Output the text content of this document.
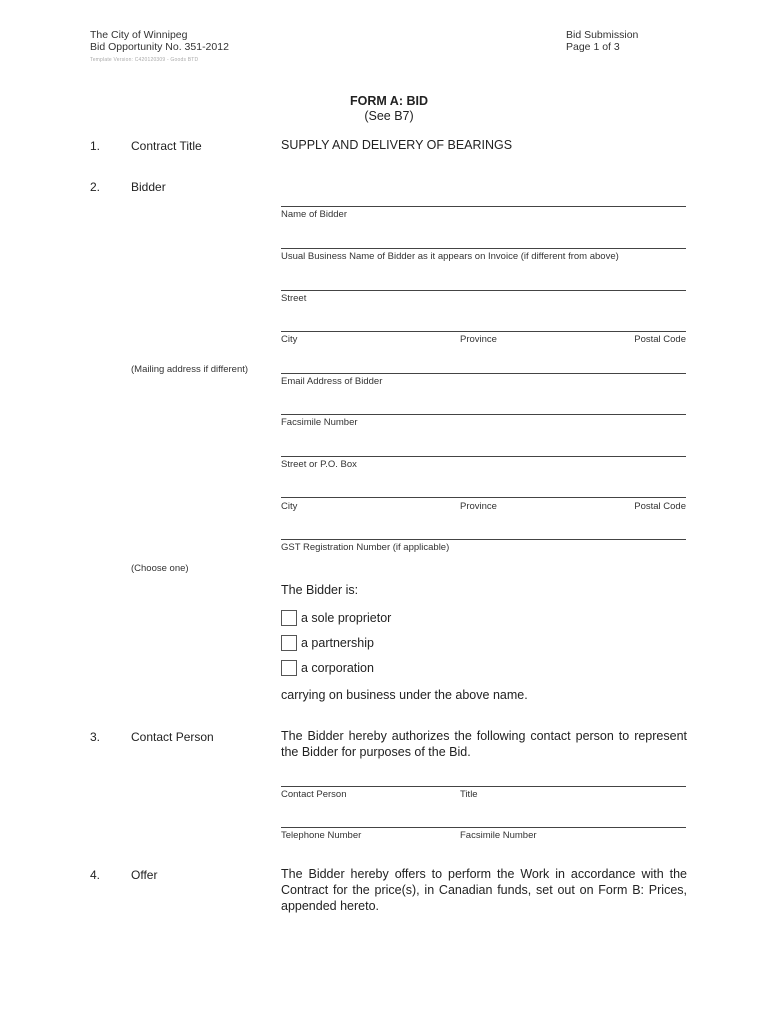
The City of Winnipeg
Bid Opportunity No. 351-2012
Template Version: C420120309 - Goods BTD
Bid Submission
Page 1 of 3
FORM A: BID
(See B7)
1.	Contract Title	SUPPLY AND DELIVERY OF BEARINGS
2.	Bidder
Name of Bidder
Usual Business Name of Bidder as it appears on Invoice (if different from above)
Street
City	Province	Postal Code
(Mailing address if different)
Email Address of Bidder
Facsimile Number
Street or P.O. Box
City	Province	Postal Code
GST Registration Number (if applicable)
(Choose one)
The Bidder is:
a sole proprietor
a partnership
a corporation
carrying on business under the above name.
3.	Contact Person	The Bidder hereby authorizes the following contact person to represent the Bidder for purposes of the Bid.
Contact Person	Title
Telephone Number	Facsimile Number
4.	Offer	The Bidder hereby offers to perform the Work in accordance with the Contract for the price(s), in Canadian funds, set out on Form B: Prices, appended hereto.
